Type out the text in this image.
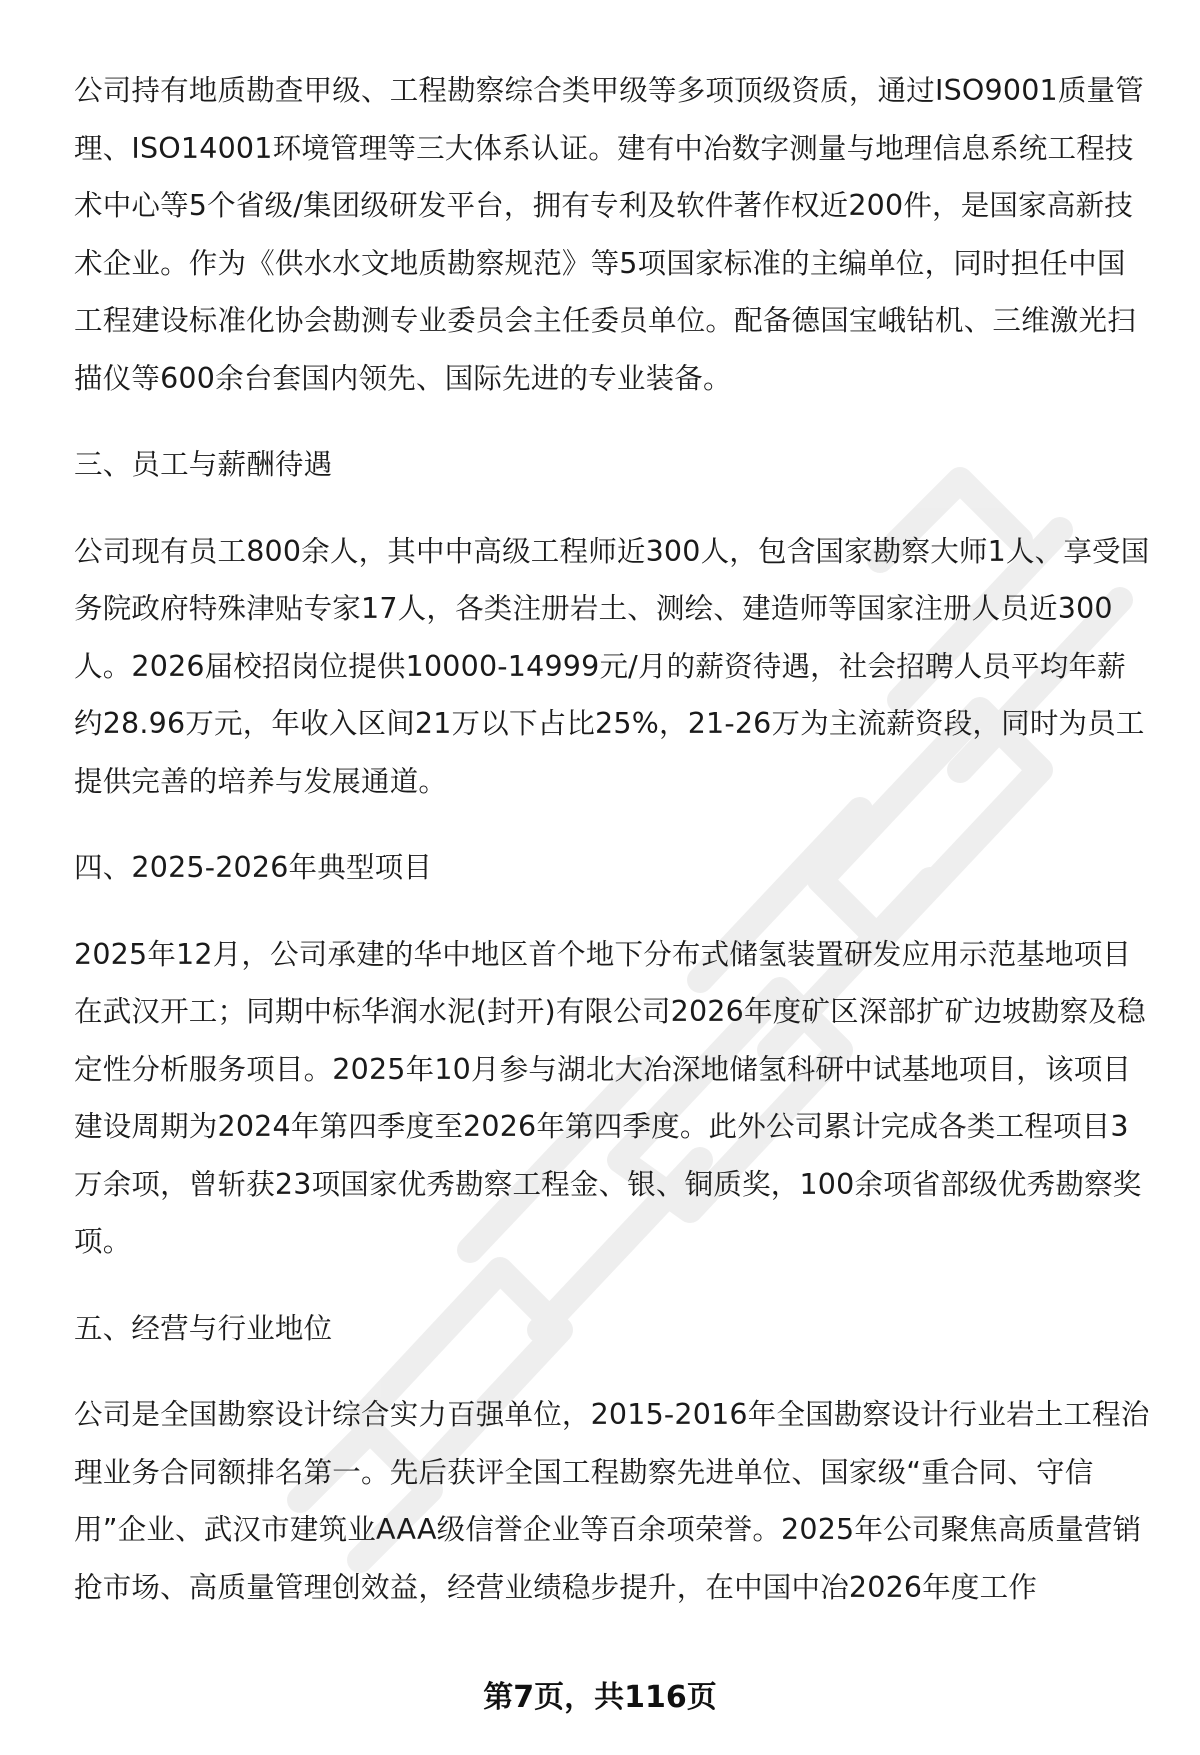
公司持有地质勘查甲级、工程勘察综合类甲级等多项顶级资质，通过ISO9001质量管理、ISO14001环境管理等三大体系认证。建有中冶数字测量与地理信息系统工程技术中心等5个省级/集团级研发平台，拥有专利及软件著作权近200件，是国家高新技术企业。作为《供水水文地质勘察规范》等5项国家标准的主编单位，同时担任中国工程建设标准化协会勘测专业委员会主任委员单位。配备德国宝峨钻机、三维激光扫描仪等600余台套国内领先、国际先进的专业装备。

三、员工与薪酬待遇

公司现有员工800余人，其中中高级工程师近300人，包含国家勘察大师1人、享受国务院政府特殊津贴专家17人，各类注册岩土、测绘、建造师等国家注册人员近300人。2026届校招岗位提供10000-14999元/月的薪资待遇，社会招聘人员平均年薪约28.96万元，年收入区间21万以下占比25%，21-26万为主流薪资段，同时为员工提供完善的培养与发展通道。

四、2025-2026年典型项目

2025年12月，公司承建的华中地区首个地下分布式储氢装置研发应用示范基地项目在武汉开工；同期中标华润水泥(封开)有限公司2026年度矿区深部扩矿边坡勘察及稳定性分析服务项目。2025年10月参与湖北大冶深地储氢科研中试基地项目，该项目建设周期为2024年第四季度至2026年第四季度。此外公司累计完成各类工程项目3万余项，曾斩获23项国家优秀勘察工程金、银、铜质奖，100余项省部级优秀勘察奖项。

五、经营与行业地位

公司是全国勘察设计综合实力百强单位，2015-2016年全国勘察设计行业岩土工程治理业务合同额排名第一。先后获评全国工程勘察先进单位、国家级“重合同、守信用”企业、武汉市建筑业AAA级信誉企业等百余项荣誉。2025年公司聚焦高质量营销抢市场、高质量管理创效益，经营业绩稳步提升，在中国中冶2026年度工作

第7页，共116页
